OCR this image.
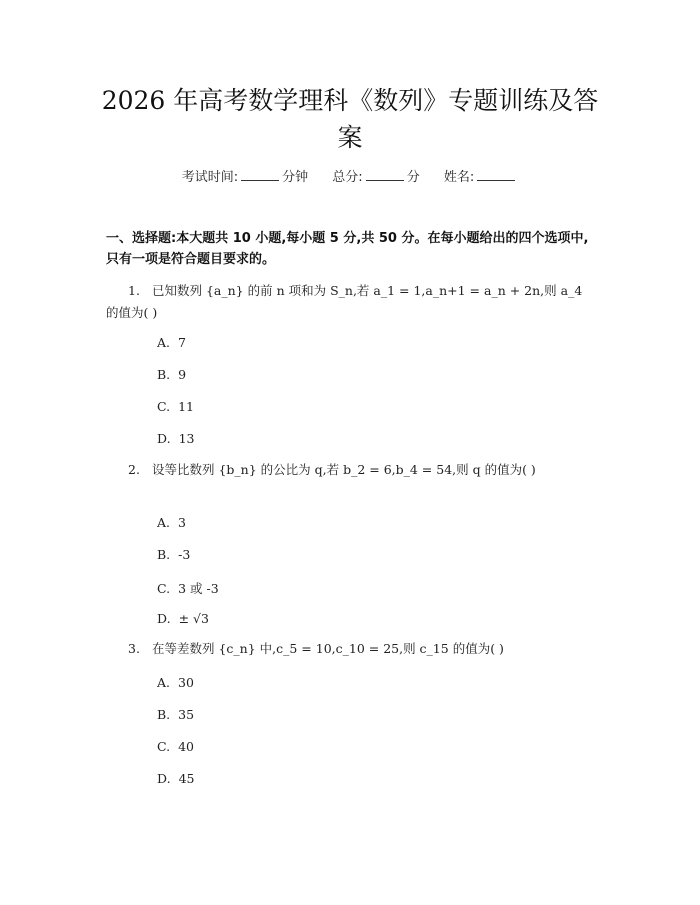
2026 年高考数学理科《数列》专题训练及答案
考试时间:	分钟 总分:	分 姓名:
一、选择题:本大题共 10 小题,每小题 5 分,共 50 分。在每小题给出的四个选项中,只有一项是符合题目要求的。
1. 已知数列 {a_n} 的前 n 项和为 S_n,若 a_1 = 1,a_n+1 = a_n + 2n,则 a_4 的值为( )
A. 7
B. 9
C. 11
D. 13
2. 设等比数列 {b_n} 的公比为 q,若 b_2 = 6,b_4 = 54,则 q 的值为( )
A. 3
B. -3
C. 3 或 -3
D. ± √3
3. 在等差数列 {c_n} 中,c_5 = 10,c_10 = 25,则 c_15 的值为( )
A. 30
B. 35
C. 40
D. 45
